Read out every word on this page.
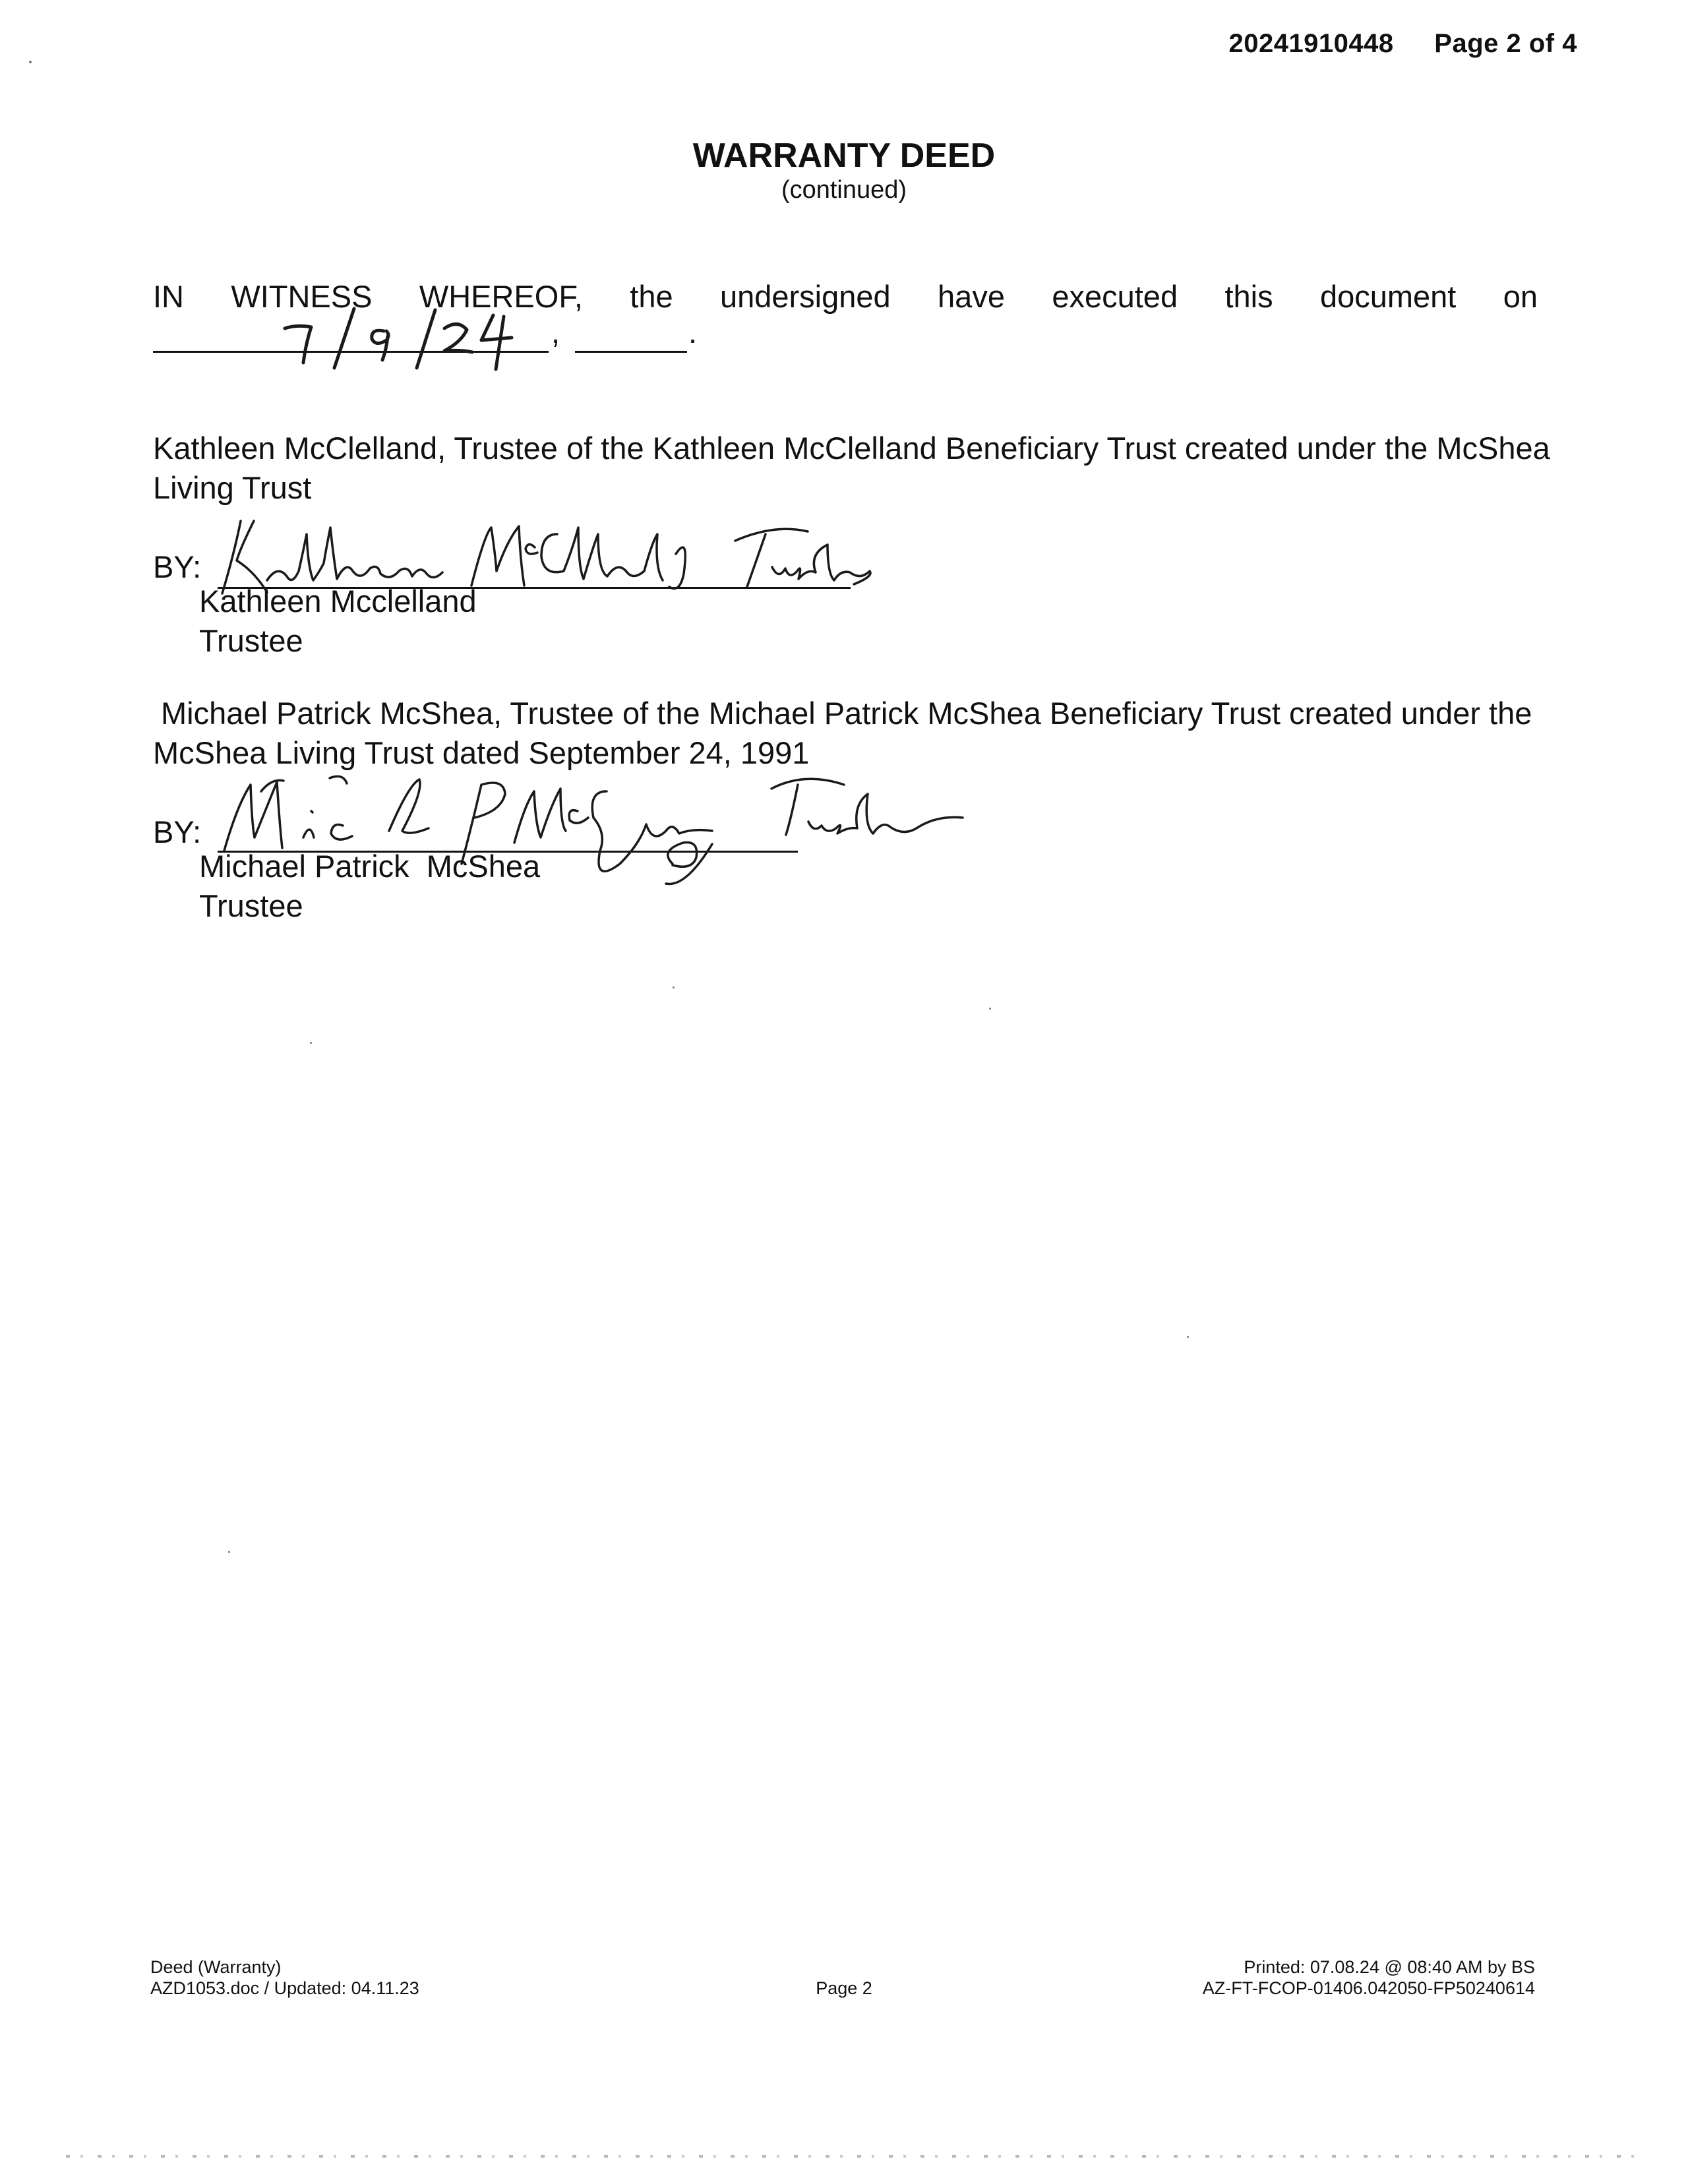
20241910448 Page 2 of 4
WARRANTY DEED
(continued)
IN WITNESS WHEREOF, the undersigned have executed this document on
,	.
Kathleen McClelland, Trustee of the Kathleen McClelland Beneficiary Trust created under the McShea Living Trust
BY:
Kathleen Mcclelland
Trustee
Michael Patrick McShea, Trustee of the Michael Patrick McShea Beneficiary Trust created under the McShea Living Trust dated September 24, 1991
BY:
Michael Patrick  McShea
Trustee
Deed (Warranty)
AZD1053.doc / Updated: 04.11.23	Page 2
Printed: 07.08.24 @ 08:40 AM by BS
AZ-FT-FCOP-01406.042050-FP50240614
